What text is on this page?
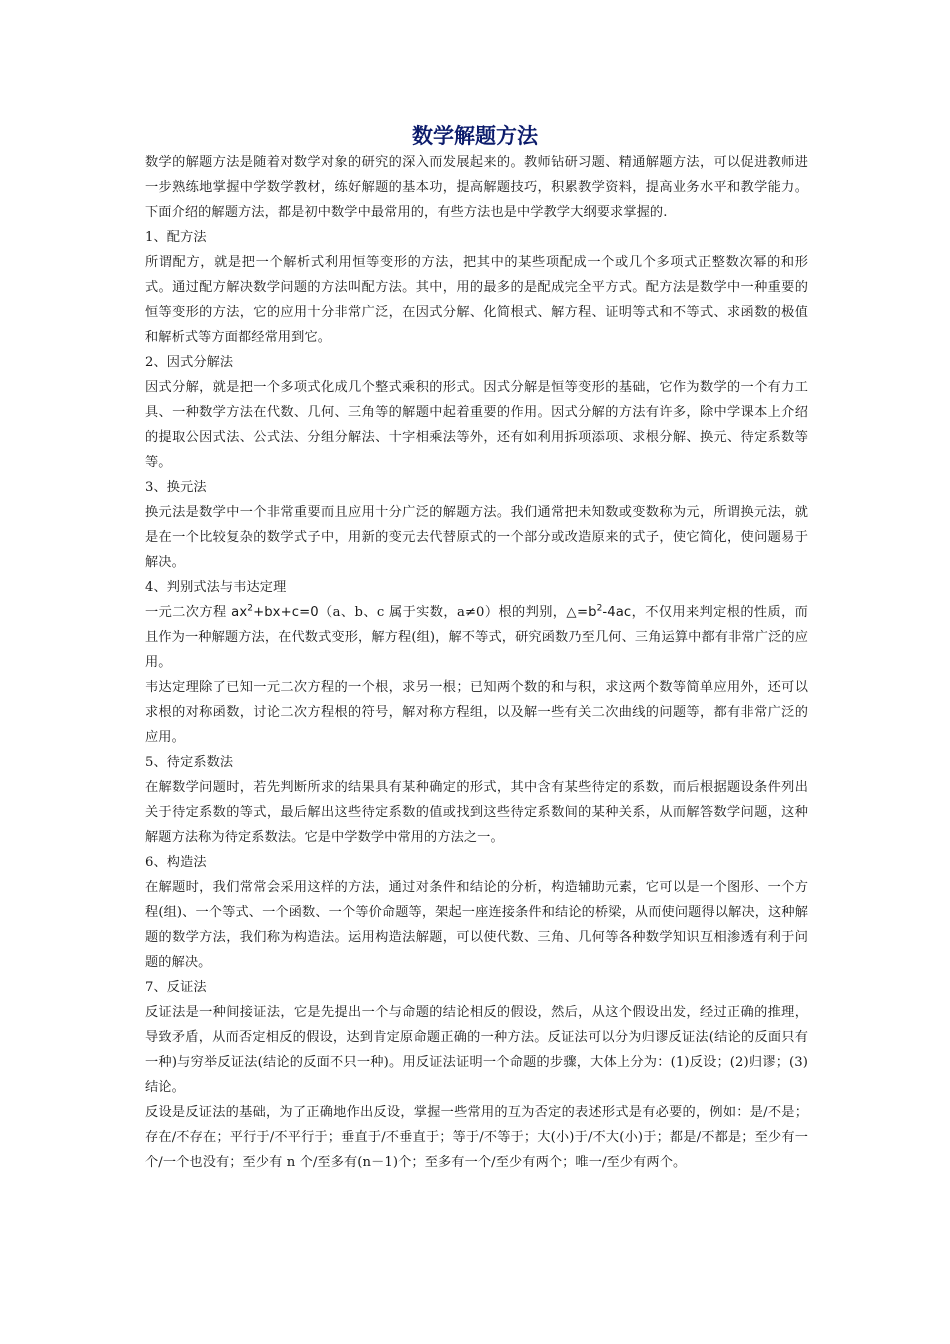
数学解题方法

数学的解题方法是随着对数学对象的研究的深入而发展起来的。教师钻研习题、精通解题方法，可以促进教师进一步熟练地掌握中学数学教材，练好解题的基本功，提高解题技巧，积累教学资料，提高业务水平和教学能力。下面介绍的解题方法，都是初中数学中最常用的，有些方法也是中学教学大纲要求掌握的.

1、配方法

所谓配方，就是把一个解析式利用恒等变形的方法，把其中的某些项配成一个或几个多项式正整数次幂的和形式。通过配方解决数学问题的方法叫配方法。其中，用的最多的是配成完全平方式。配方法是数学中一种重要的恒等变形的方法，它的应用十分非常广泛，在因式分解、化简根式、解方程、证明等式和不等式、求函数的极值和解析式等方面都经常用到它。

2、因式分解法

因式分解，就是把一个多项式化成几个整式乘积的形式。因式分解是恒等变形的基础，它作为数学的一个有力工具、一种数学方法在代数、几何、三角等的解题中起着重要的作用。因式分解的方法有许多，除中学课本上介绍的提取公因式法、公式法、分组分解法、十字相乘法等外，还有如利用拆项添项、求根分解、换元、待定系数等等。

3、换元法

换元法是数学中一个非常重要而且应用十分广泛的解题方法。我们通常把未知数或变数称为元，所谓换元法，就是在一个比较复杂的数学式子中，用新的变元去代替原式的一个部分或改造原来的式子，使它简化，使问题易于解决。

4、判别式法与韦达定理

一元二次方程 $ax^2+bx+c=0(a$、b、c 属于实数，a≠0）根的判别，$\triangle=b^2-4ac$，不仅用来判定根的性质，而且作为一种解题方法，在代数式变形，解方程(组)，解不等式，研究函数乃至几何、三角运算中都有非常广泛的应用。

韦达定理除了已知一元二次方程的一个根，求另一根；已知两个数的和与积，求这两个数等简单应用外，还可以求根的对称函数，讨论二次方程根的符号，解对称方程组，以及解一些有关二次曲线的问题等，都有非常广泛的应用。

5、待定系数法

在解数学问题时，若先判断所求的结果具有某种确定的形式，其中含有某些待定的系数，而后根据题设条件列出关于待定系数的等式，最后解出这些待定系数的值或找到这些待定系数间的某种关系，从而解答数学问题，这种解题方法称为待定系数法。它是中学数学中常用的方法之一。

6、构造法

在解题时，我们常常会采用这样的方法，通过对条件和结论的分析，构造辅助元素，它可以是一个图形、一个方程(组)、一个等式、一个函数、一个等价命题等，架起一座连接条件和结论的桥梁，从而使问题得以解决，这种解题的数学方法，我们称为构造法。运用构造法解题，可以使代数、三角、几何等各种数学知识互相渗透有利于问题的解决。

7、反证法

反证法是一种间接证法，它是先提出一个与命题的结论相反的假设，然后，从这个假设出发，经过正确的推理，导致矛盾，从而否定相反的假设，达到肯定原命题正确的一种方法。反证法可以分为归谬反证法(结论的反面只有一种)与穷举反证法(结论的反面不只一种)。用反证法证明一个命题的步骤，大体上分为：(1)反设；(2)归谬；(3)结论。

反设是反证法的基础，为了正确地作出反设，掌握一些常用的互为否定的表述形式是有必要的，例如：是/不是；存在/不存在；平行于/不平行于；垂直于/不垂直于；等于/不等于；大(小)于/不大(小)于；都是/不都是；至少有一个/一个也没有；至少有 n 个/至多有(n－1)个；至多有一个/至少有两个；唯一/至少有两个。
